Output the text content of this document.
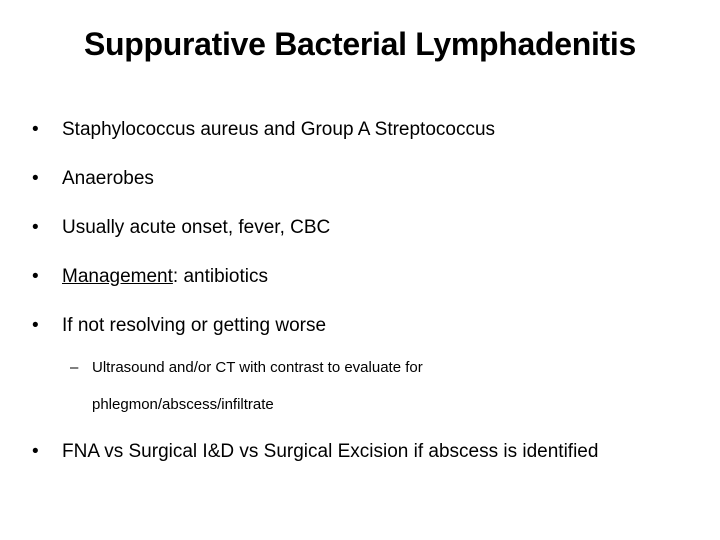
Suppurative Bacterial Lymphadenitis
• Staphylococcus aureus and Group A Streptococcus
• Anaerobes
• Usually acute onset, fever, CBC
• Management: antibiotics
• If not resolving or getting worse
– Ultrasound and/or CT with contrast to evaluate for
phlegmon/abscess/infiltrate
• FNA vs Surgical I&D vs Surgical Excision if abscess is identified
